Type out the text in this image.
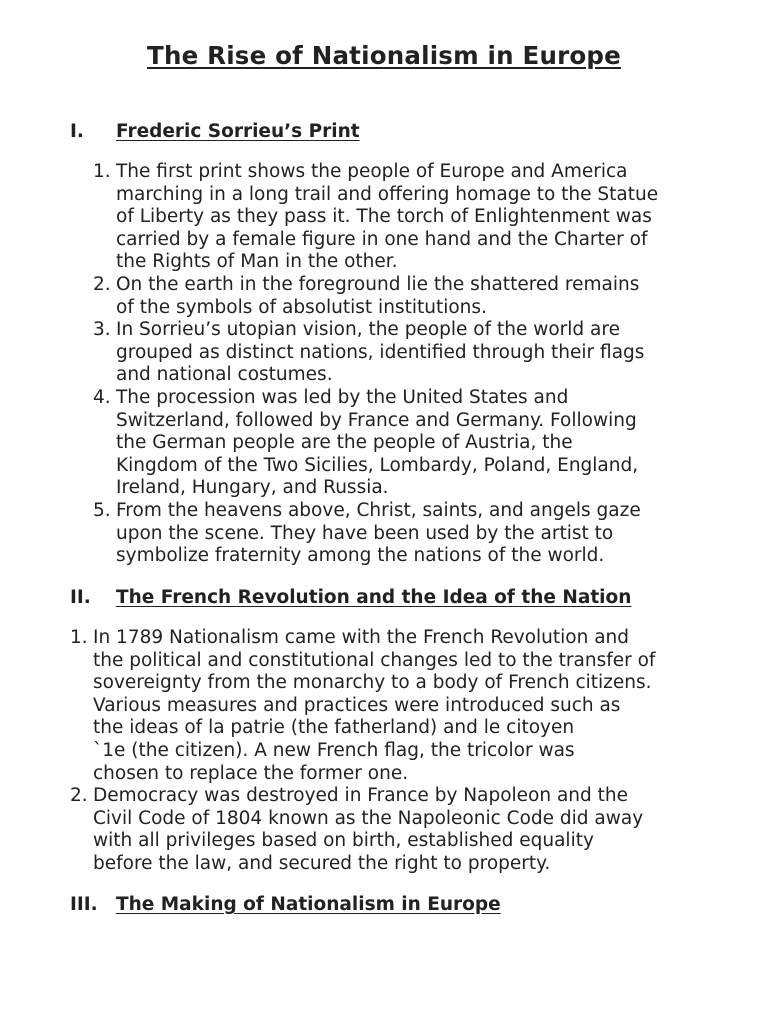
The Rise of Nationalism in Europe
I. Frederic Sorrieu’s Print
1. The first print shows the people of Europe and America
marching in a long trail and offering homage to the Statue
of Liberty as they pass it. The torch of Enlightenment was
carried by a female figure in one hand and the Charter of
the Rights of Man in the other.
2. On the earth in the foreground lie the shattered remains
of the symbols of absolutist institutions.
3. In Sorrieu’s utopian vision, the people of the world are
grouped as distinct nations, identified through their flags
and national costumes.
4. The procession was led by the United States and
Switzerland, followed by France and Germany. Following
the German people are the people of Austria, the
Kingdom of the Two Sicilies, Lombardy, Poland, England,
Ireland, Hungary, and Russia.
5. From the heavens above, Christ, saints, and angels gaze
upon the scene. They have been used by the artist to
symbolize fraternity among the nations of the world.
II. The French Revolution and the Idea of the Nation
1. In 1789 Nationalism came with the French Revolution and
the political and constitutional changes led to the transfer of
sovereignty from the monarchy to a body of French citizens.
Various measures and practices were introduced such as
the ideas of la patrie (the fatherland) and le citoyen
`1e (the citizen). A new French flag, the tricolor was
chosen to replace the former one.
2. Democracy was destroyed in France by Napoleon and the
Civil Code of 1804 known as the Napoleonic Code did away
with all privileges based on birth, established equality
before the law, and secured the right to property.
III. The Making of Nationalism in Europe
